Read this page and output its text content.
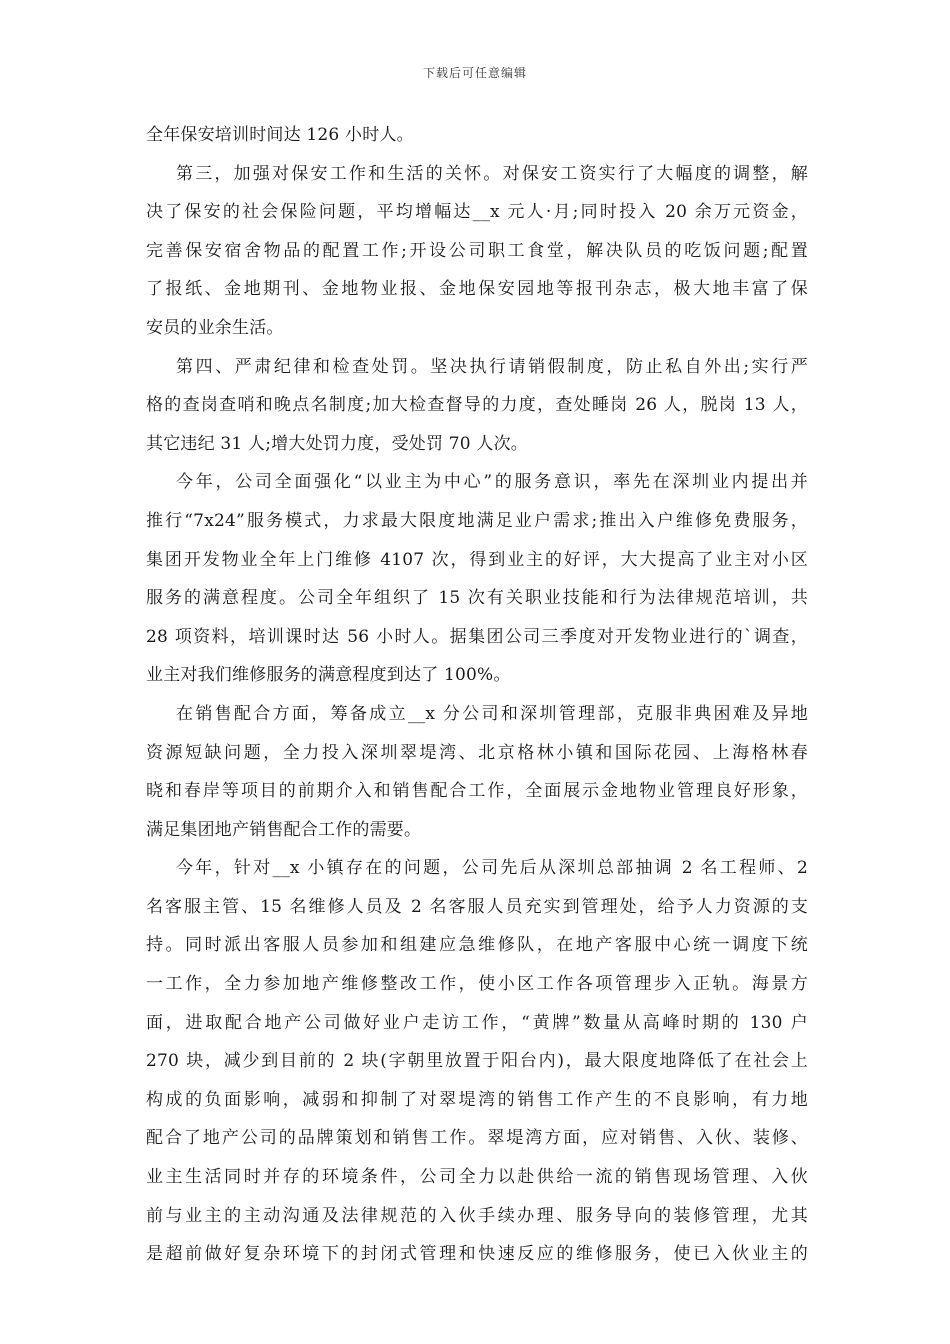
下载后可任意编辑
全年保安培训时间达 126 小时人。
第三，加强对保安工作和生活的关怀。对保安工资实行了大幅度的调整，解
决了保安的社会保险问题，平均增幅达__x 元人·月;同时投入 20 余万元资金，
完善保安宿舍物品的配置工作;开设公司职工食堂，解决队员的吃饭问题;配置
了报纸、金地期刊、金地物业报、金地保安园地等报刊杂志，极大地丰富了保
安员的业余生活。
第四、严肃纪律和检查处罚。坚决执行请销假制度，防止私自外出;实行严
格的查岗查哨和晚点名制度;加大检查督导的力度，查处睡岗 26 人，脱岗 13 人，
其它违纪 31 人;增大处罚力度，受处罚 70 人次。
今年，公司全面强化“以业主为中心”的服务意识，率先在深圳业内提出并
推行“7x24”服务模式，力求最大限度地满足业户需求;推出入户维修免费服务，
集团开发物业全年上门维修 4107 次，得到业主的好评，大大提高了业主对小区
服务的满意程度。公司全年组织了 15 次有关职业技能和行为法律规范培训，共
28 项资料，培训课时达 56 小时人。据集团公司三季度对开发物业进行的`调查，
业主对我们维修服务的满意程度到达了 100%。
在销售配合方面，筹备成立__x 分公司和深圳管理部，克服非典困难及异地
资源短缺问题，全力投入深圳翠堤湾、北京格林小镇和国际花园、上海格林春
晓和春岸等项目的前期介入和销售配合工作，全面展示金地物业管理良好形象，
满足集团地产销售配合工作的需要。
今年，针对__x 小镇存在的问题，公司先后从深圳总部抽调 2 名工程师、2
名客服主管、15 名维修人员及 2 名客服人员充实到管理处，给予人力资源的支
持。同时派出客服人员参加和组建应急维修队，在地产客服中心统一调度下统
一工作，全力参加地产维修整改工作，使小区工作各项管理步入正轨。海景方
面，进取配合地产公司做好业户走访工作，“黄牌”数量从高峰时期的 130 户
270 块，减少到目前的 2 块(字朝里放置于阳台内)，最大限度地降低了在社会上
构成的负面影响，减弱和抑制了对翠堤湾的销售工作产生的不良影响，有力地
配合了地产公司的品牌策划和销售工作。翠堤湾方面，应对销售、入伙、装修、
业主生活同时并存的环境条件，公司全力以赴供给一流的销售现场管理、入伙
前与业主的主动沟通及法律规范的入伙手续办理、服务导向的装修管理，尤其
是超前做好复杂环境下的封闭式管理和快速反应的维修服务，使已入伙业主的
